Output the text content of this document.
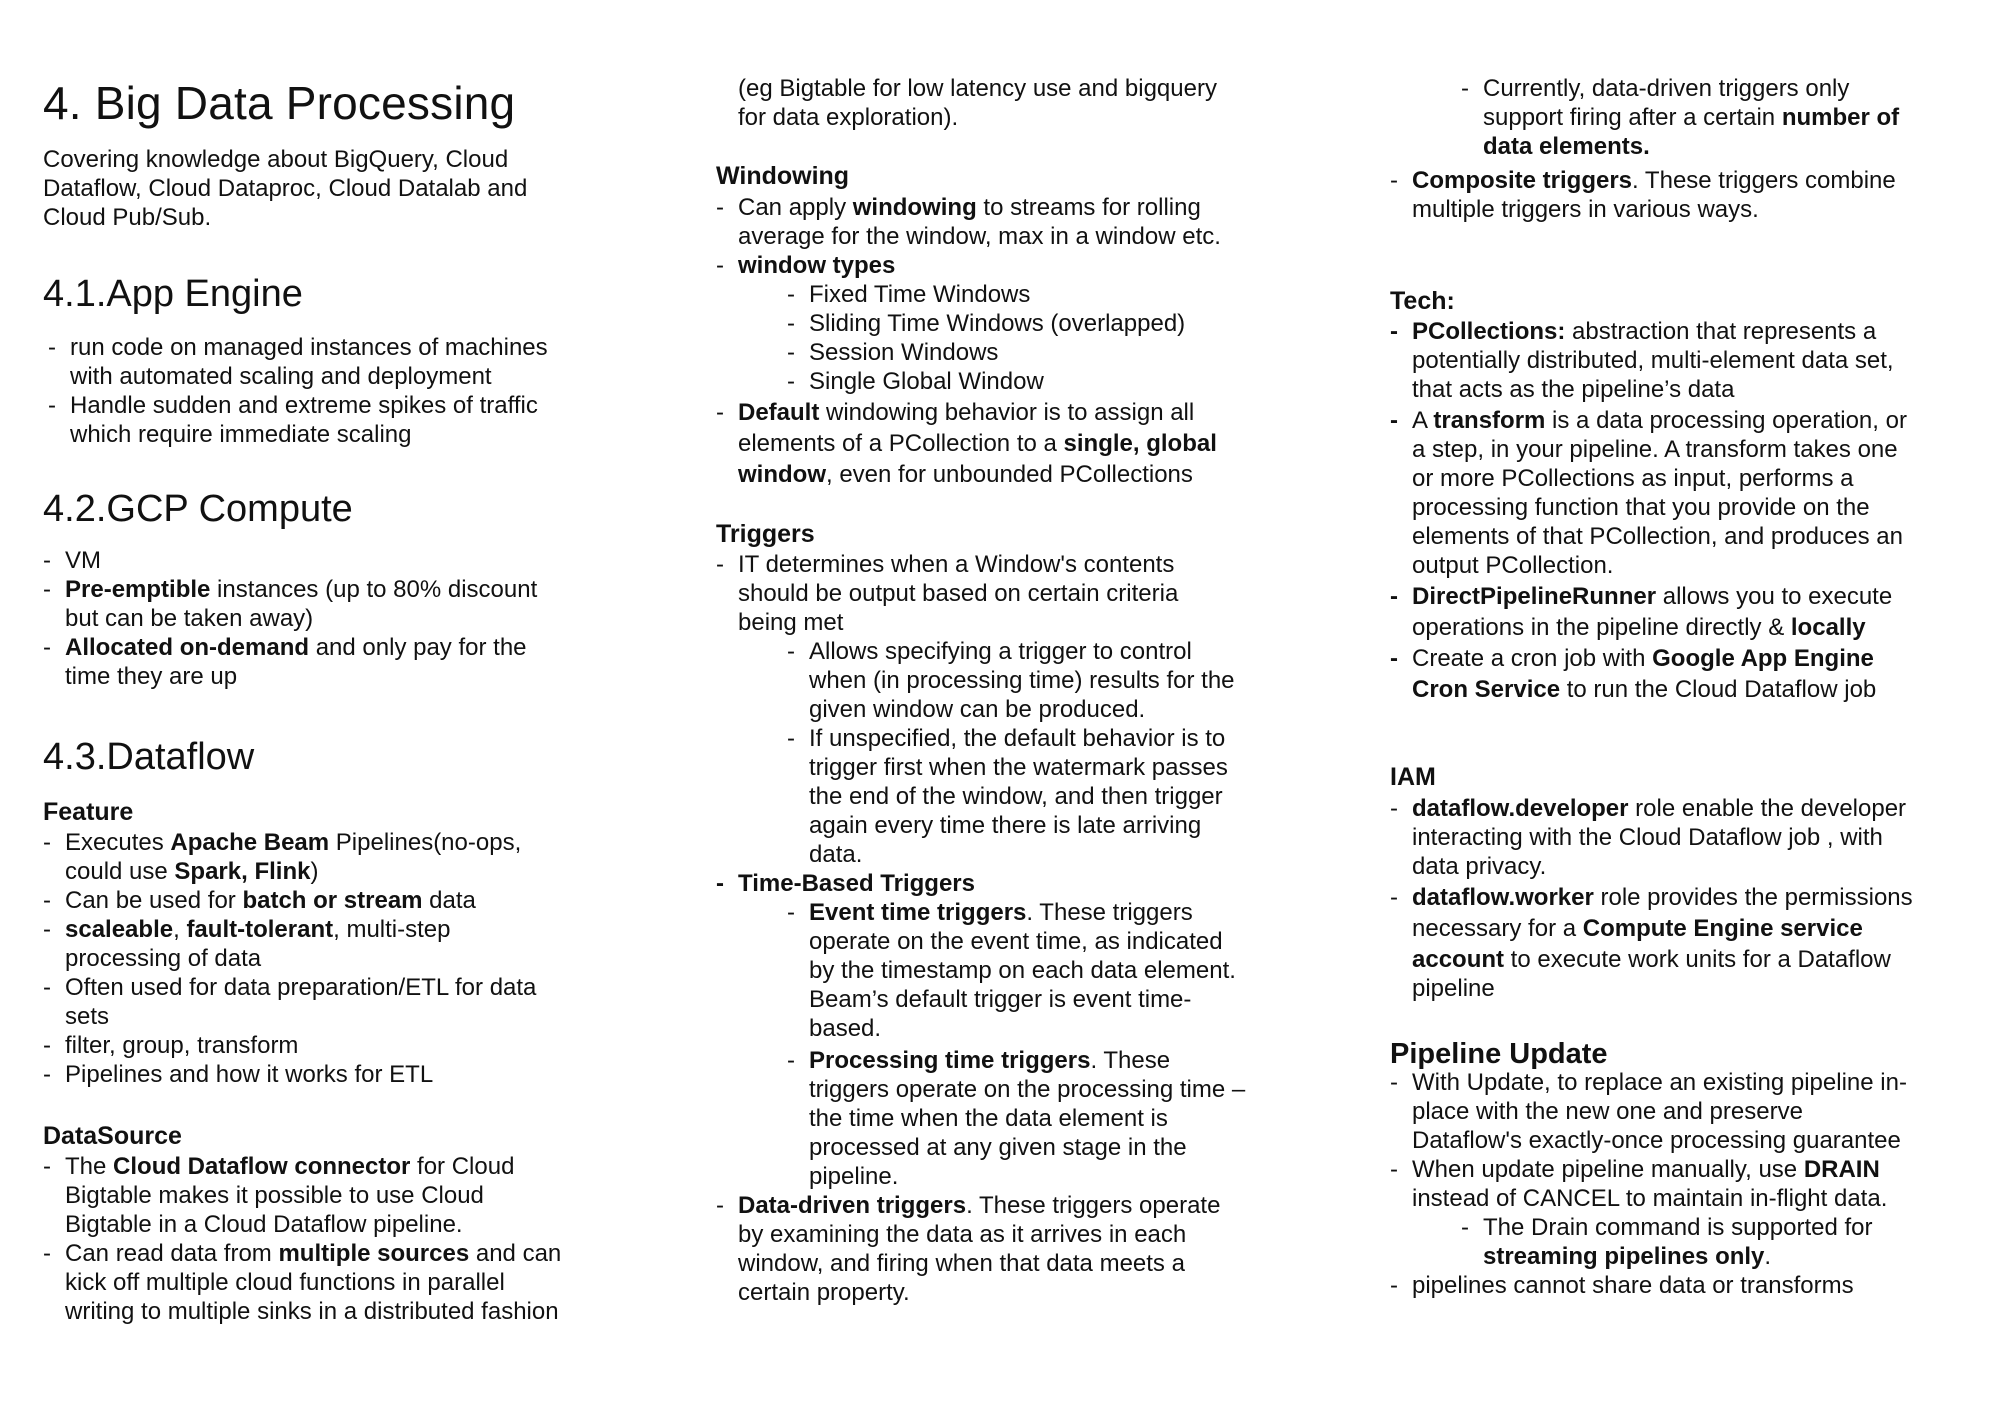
4. Big Data Processing
Covering knowledge about BigQuery, Cloud
Dataflow, Cloud Dataproc, Cloud Datalab and
Cloud Pub/Sub.
4.1.App Engine
- run code on managed instances of machines
with automated scaling and deployment
- Handle sudden and extreme spikes of traffic
which require immediate scaling
4.2.GCP Compute
- VM
- Pre-emptible instances (up to 80% discount
but can be taken away)
- Allocated on-demand and only pay for the
time they are up
4.3.Dataflow
Feature
- Executes Apache Beam Pipelines(no-ops,
could use Spark, Flink)
- Can be used for batch or stream data
- scaleable, fault-tolerant, multi-step
processing of data
- Often used for data preparation/ETL for data
sets
- filter, group, transform
- Pipelines and how it works for ETL
DataSource
- The Cloud Dataflow connector for Cloud
Bigtable makes it possible to use Cloud
Bigtable in a Cloud Dataflow pipeline.
- Can read data from multiple sources and can
kick off multiple cloud functions in parallel
writing to multiple sinks in a distributed fashion
(eg Bigtable for low latency use and bigquery
for data exploration).
Windowing
- Can apply windowing to streams for rolling
average for the window, max in a window etc.
- window types
- Fixed Time Windows
- Sliding Time Windows (overlapped)
- Session Windows
- Single Global Window
- Default windowing behavior is to assign all
elements of a PCollection to a single, global
window, even for unbounded PCollections
Triggers
- IT determines when a Window's contents
should be output based on certain criteria
being met
- Allows specifying a trigger to control
when (in processing time) results for the
given window can be produced.
- If unspecified, the default behavior is to
trigger first when the watermark passes
the end of the window, and then trigger
again every time there is late arriving
data.
- Time-Based Triggers
- Event time triggers. These triggers
operate on the event time, as indicated
by the timestamp on each data element.
Beam’s default trigger is event time-
based.
- Processing time triggers. These
triggers operate on the processing time –
the time when the data element is
processed at any given stage in the
pipeline.
- Data-driven triggers. These triggers operate
by examining the data as it arrives in each
window, and firing when that data meets a
certain property.
- Currently, data-driven triggers only
support firing after a certain number of
data elements.
- Composite triggers. These triggers combine
multiple triggers in various ways.
Tech:
- PCollections: abstraction that represents a
potentially distributed, multi-element data set,
that acts as the pipeline’s data
- A transform is a data processing operation, or
a step, in your pipeline. A transform takes one
or more PCollections as input, performs a
processing function that you provide on the
elements of that PCollection, and produces an
output PCollection.
- DirectPipelineRunner allows you to execute
operations in the pipeline directly & locally
- Create a cron job with Google App Engine
Cron Service to run the Cloud Dataflow job
IAM
- dataflow.developer role enable the developer
interacting with the Cloud Dataflow job , with
data privacy.
- dataflow.worker role provides the permissions
necessary for a Compute Engine service
account to execute work units for a Dataflow
pipeline
Pipeline Update
- With Update, to replace an existing pipeline in-
place with the new one and preserve
Dataflow's exactly-once processing guarantee
- When update pipeline manually, use DRAIN
instead of CANCEL to maintain in-flight data.
- The Drain command is supported for
streaming pipelines only.
- pipelines cannot share data or transforms
